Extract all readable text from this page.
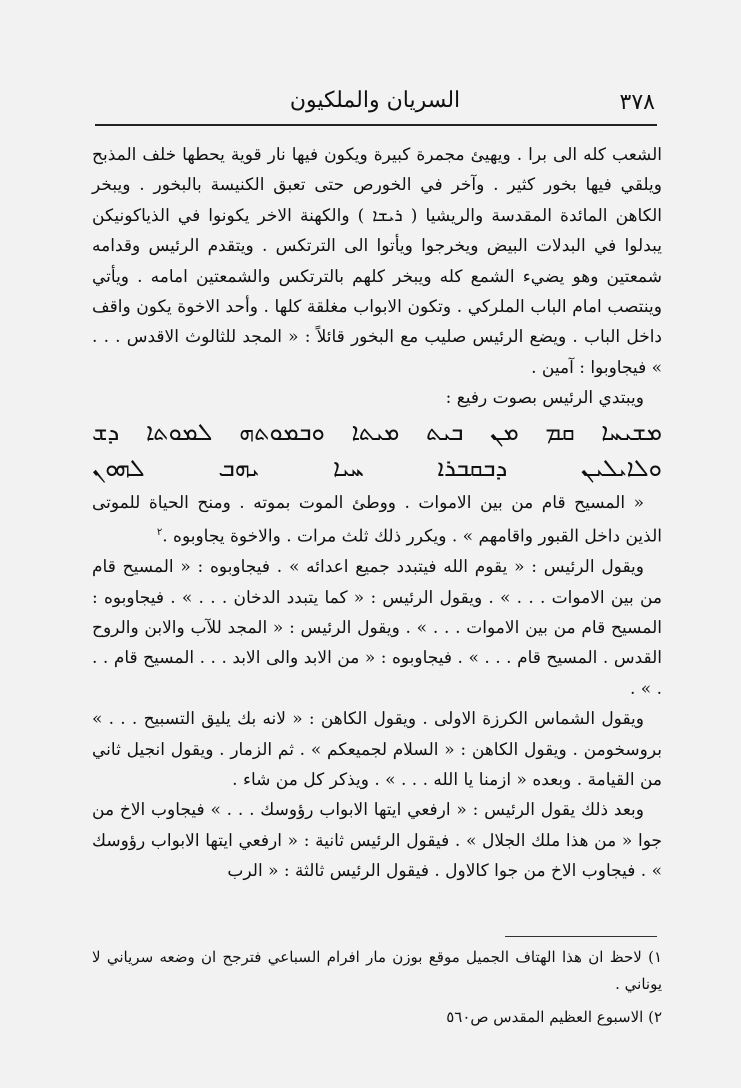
٣٧٨
السريان والملكيون

الشعب كله الى برا . ويهيئ مجمرة كبيرة ويكون فيها نار قوية يحطها خلف المذبح ويلقي فيها بخور كثير . وآخر في الخورص حتى تعبق الكنيسة بالبخور . ويبخر الكاهن المائدة المقدسة والريشيا ( ܪܝܫܐ ) والكهنة الاخر يكونوا في الذياكونيكن يبدلوا في البدلات البيض ويخرجوا ويأتوا الى الترتكس . ويتقدم الرئيس وقدامه شمعتين وهو يضيء الشمع كله ويبخر كلهم بالترتكس والشمعتين امامه . ويأتي وينتصب امام الباب الملركي . وتكون الابواب مغلقة كلها . وأحد الاخوة يكون واقف داخل الباب . ويضع الرئيس صليب مع البخور قائلاً : « المجد للثالوث الاقدس . . . » فيجاوبوا : آمين .

ويبتدي الرئيس بصوت رفيع :

ܡܫܝܚܐ ܩܡ ܡܢ ܒܝܬ ܡܝܬܐ ܘܒܡܘܬܗ ܠܡܘܬܐ ܕܫ

ܘܠܐܝܠܝܢ ܕܒܩܒܪܐ ܚܝܐ ܝܗܒ ܠܗܘܢ

« المسيح قام من بين الاموات . ووطئ الموت بموته . ومنح الحياة للموتى الذين داخل القبور واقامهم » . ويكرر ذلك ثلث مرات . والاخوة يجاوبوه .$^٢$

ويقول الرئيس : « يقوم الله فيتبدد جميع اعدائه » . فيجاوبوه : « المسيح قام من بين الاموات . . . » . ويقول الرئيس : « كما يتبدد الدخان . . . » . فيجاوبوه : المسيح قام من بين الاموات . . . » . ويقول الرئيس : « المجد للآب والابن والروح القدس . المسيح قام . . . » . فيجاوبوه : « من الابد والى الابد . . . المسيح قام . . . » .

ويقول الشماس الكرزة الاولى . ويقول الكاهن : « لانه بك يليق التسبيح . . . » بروسخومن . ويقول الكاهن : « السلام لجميعكم » . ثم الزمار . ويقول انجيل ثاني من القيامة . وبعده « ازمنا يا الله . . . » . ويذكر كل من شاء .

وبعد ذلك يقول الرئيس : « ارفعي ايتها الابواب رؤوسك . . . » فيجاوب الاخ من جوا « من هذا ملك الجلال » . فيقول الرئيس ثانية : « ارفعي ايتها الابواب رؤوسك » . فيجاوب الاخ من جوا كالاول . فيقول الرئيس ثالثة : « الرب

١) لاحظ ان هذا الهتاف الجميل موقع بوزن مار افرام السباعي فترجح ان وضعه سرياني لا يوناني .

٢) الاسبوع العظيم المقدس ص٥٦٠
